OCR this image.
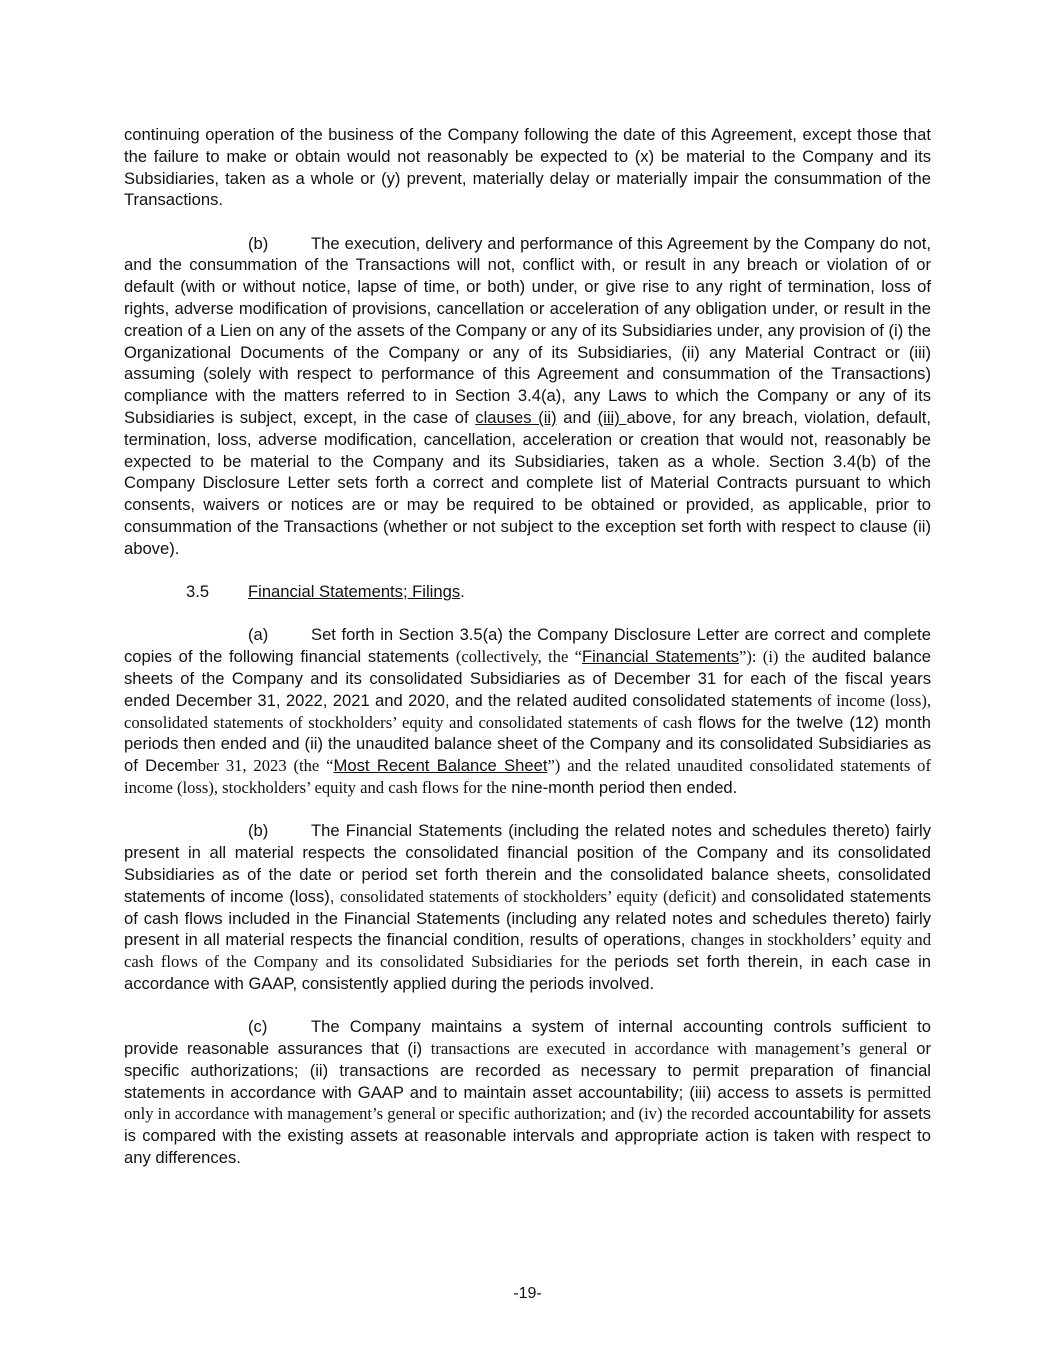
continuing operation of the business of the Company following the date of this Agreement, except those that the failure to make or obtain would not reasonably be expected to (x) be material to the Company and its Subsidiaries, taken as a whole or (y) prevent, materially delay or materially impair the consummation of the Transactions.

(b)	The execution, delivery and performance of this Agreement by the Company do not, and the consummation of the Transactions will not, conflict with, or result in any breach or violation of or default (with or without notice, lapse of time, or both) under, or give rise to any right of termination, loss of rights, adverse modification of provisions, cancellation or acceleration of any obligation under, or result in the creation of a Lien on any of the assets of the Company or any of its Subsidiaries under, any provision of (i) the Organizational Documents of the Company or any of its Subsidiaries, (ii) any Material Contract or (iii) assuming (solely with respect to performance of this Agreement and consummation of the Transactions) compliance with the matters referred to in Section 3.4(a), any Laws to which the Company or any of its Subsidiaries is subject, except, in the case of clauses (ii) and (iii) above, for any breach, violation, default, termination, loss, adverse modification, cancellation, acceleration or creation that would not, reasonably be expected to be material to the Company and its Subsidiaries, taken as a whole. Section 3.4(b) of the Company Disclosure Letter sets forth a correct and complete list of Material Contracts pursuant to which consents, waivers or notices are or may be required to be obtained or provided, as applicable, prior to consummation of the Transactions (whether or not subject to the exception set forth with respect to clause (ii) above).

3.5 Financial Statements; Filings.

(a)	Set forth in Section 3.5(a) the Company Disclosure Letter are correct and complete copies of the following financial statements (collectively, the “Financial Statements”): (i) the audited balance sheets of the Company and its consolidated Subsidiaries as of December 31 for each of the fiscal years ended December 31, 2022, 2021 and 2020, and the related audited consolidated statements of income (loss), consolidated statements of stockholders’ equity and consolidated statements of cash flows for the twelve (12) month periods then ended and (ii) the unaudited balance sheet of the Company and its consolidated Subsidiaries as of December 31, 2023 (the “Most Recent Balance Sheet”) and the related unaudited consolidated statements of income (loss), stockholders’ equity and cash flows for the nine-month period then ended.

(b)	The Financial Statements (including the related notes and schedules thereto) fairly present in all material respects the consolidated financial position of the Company and its consolidated Subsidiaries as of the date or period set forth therein and the consolidated balance sheets, consolidated statements of income (loss), consolidated statements of stockholders’ equity (deficit) and consolidated statements of cash flows included in the Financial Statements (including any related notes and schedules thereto) fairly present in all material respects the financial condition, results of operations, changes in stockholders’ equity and cash flows of the Company and its consolidated Subsidiaries for the periods set forth therein, in each case in accordance with GAAP, consistently applied during the periods involved.

(c)	The Company maintains a system of internal accounting controls sufficient to provide reasonable assurances that (i) transactions are executed in accordance with management’s general or specific authorizations; (ii) transactions are recorded as necessary to permit preparation of financial statements in accordance with GAAP and to maintain asset accountability; (iii) access to assets is permitted only in accordance with management’s general or specific authorization; and (iv) the recorded accountability for assets is compared with the existing assets at reasonable intervals and appropriate action is taken with respect to any differences.

-19-
